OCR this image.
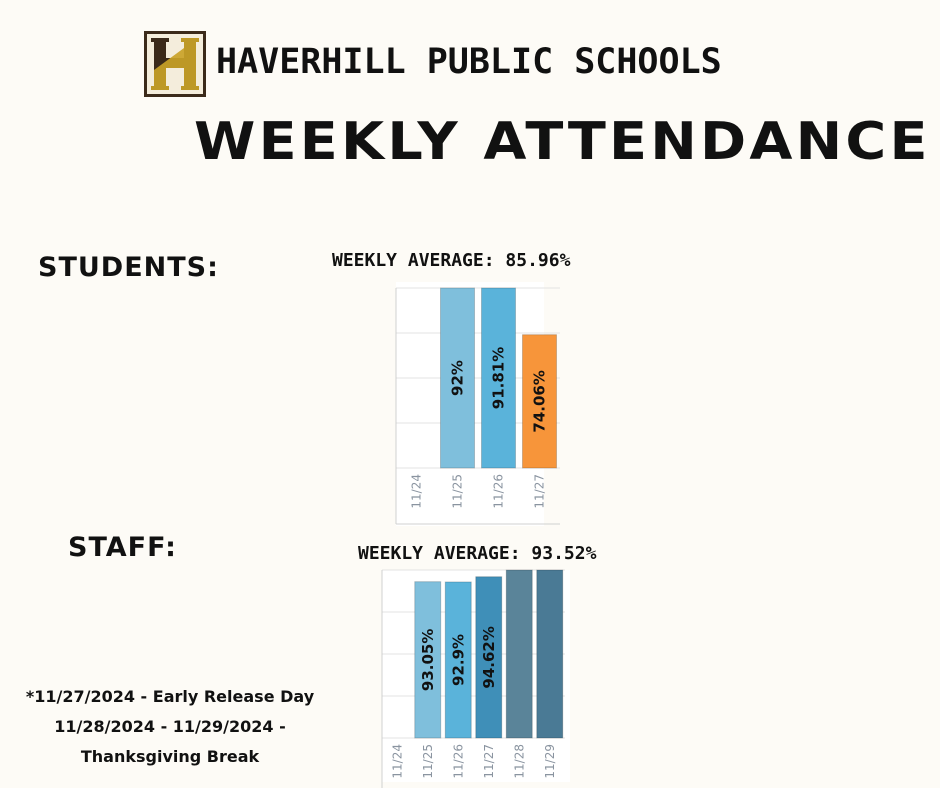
H HAVERHILL PUBLIC SCHOOLS
WEEKLY ATTENDANCE
STUDENTS:	WEEKLY AVERAGE: 85.96%
11/24
92%
11/25
91.81%
11/26
74.06%
11/27
STAFF:	WEEKLY AVERAGE: 93.52%
11/24
93.05%
11/25
92.9%
11/26
94.62%
11/27 11/28 11/29
*11/27/2024 - Early Release Day
11/28/2024 - 11/29/2024 -
Thanksgiving Break
